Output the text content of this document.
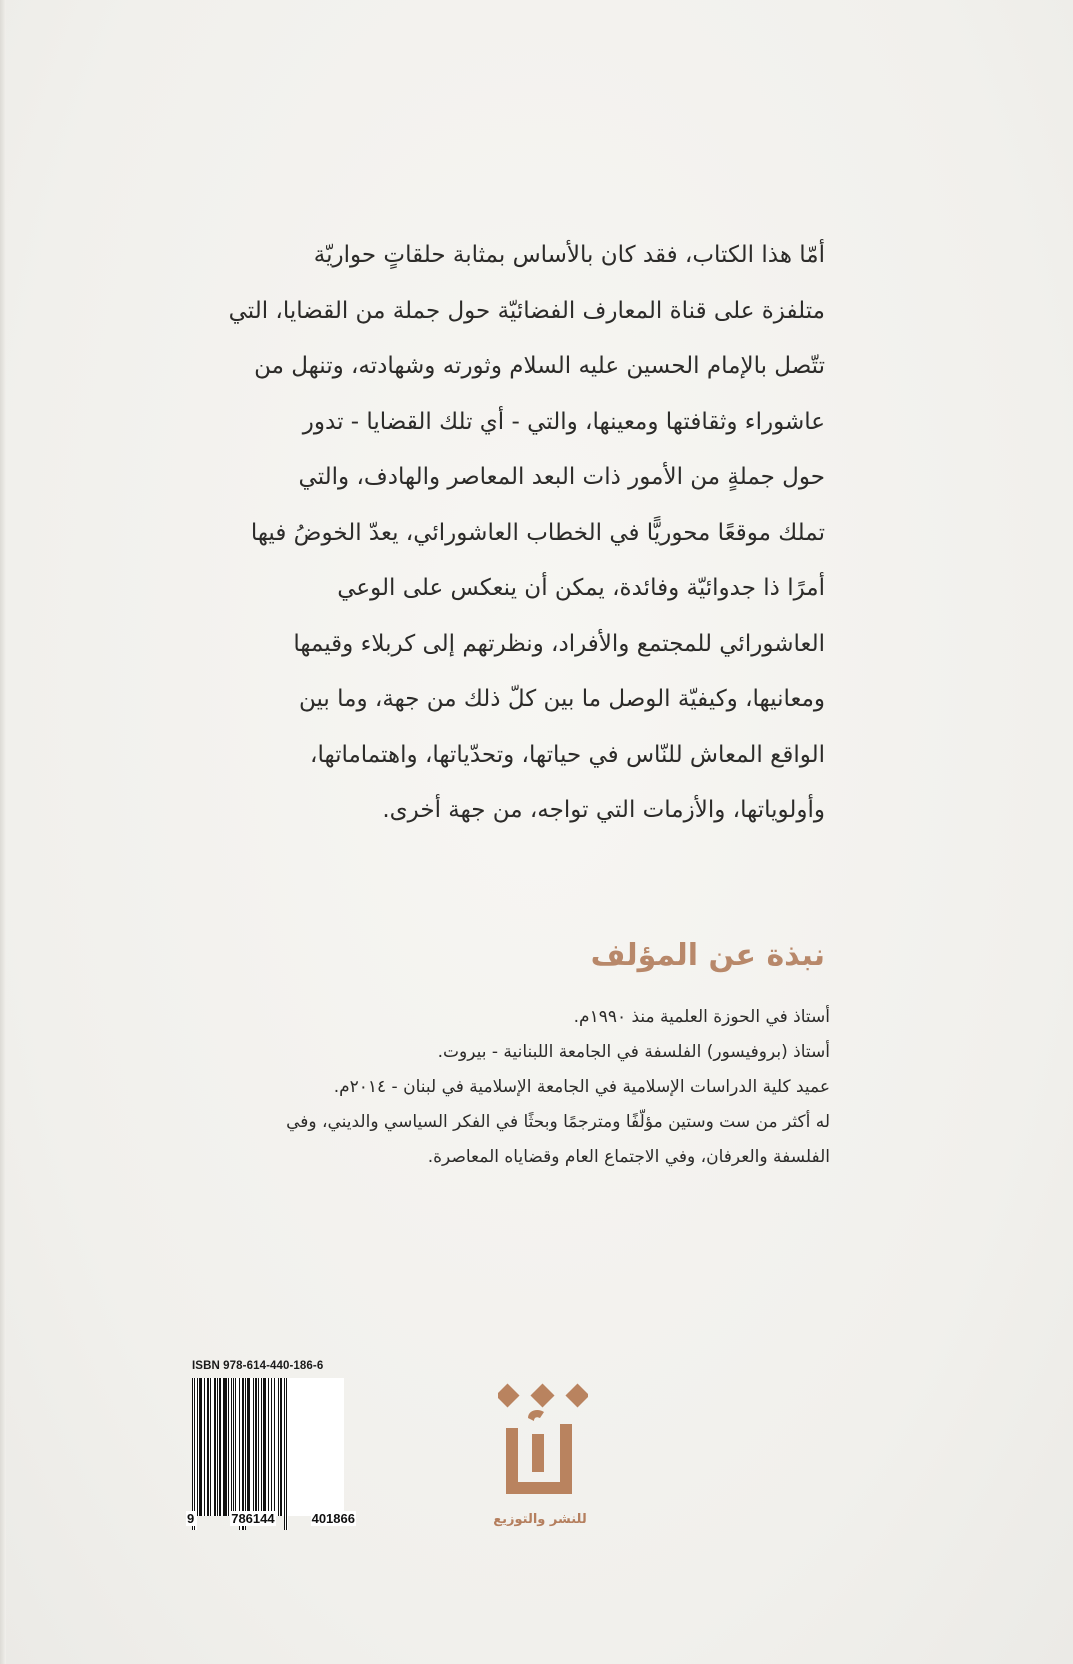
أمّا هذا الكتاب، فقد كان بالأساس بمثابة حلقاتٍ حواريّة
متلفزة على قناة المعارف الفضائيّة حول جملة من القضايا، التي
تتّصل بالإمام الحسين عليه السلام وثورته وشهادته، وتنهل من
عاشوراء وثقافتها ومعينها، والتي - أي تلك القضايا - تدور
حول جملةٍ من الأمور ذات البعد المعاصر والهادف، والتي
تملك موقعًا محوريًّا في الخطاب العاشورائي، يعدّ الخوضُ فيها
أمرًا ذا جدوائيّة وفائدة، يمكن أن ينعكس على الوعي
العاشورائي للمجتمع والأفراد، ونظرتهم إلى كربلاء وقيمها
ومعانيها، وكيفيّة الوصل ما بين كلّ ذلك من جهة، وما بين
الواقع المعاش للنّاس في حياتها، وتحدّياتها، واهتماماتها،
وأولوياتها، والأزمات التي تواجه، من جهة أخرى.
نبذة عن المؤلف
أستاذ في الحوزة العلمية منذ ١٩٩٠م.
أستاذ (بروفيسور) الفلسفة في الجامعة اللبنانية - بيروت.
عميد كلية الدراسات الإسلامية في الجامعة الإسلامية في لبنان - ٢٠١٤م.
له أكثر من ست وستين مؤلّفًا ومترجمًا وبحثًا في الفكر السياسي والديني، وفي
الفلسفة والعرفان، وفي الاجتماع العام وقضاياه المعاصرة.
ISBN 978-614-440-186-6
9	786144	401866	للنشر والتوزيع
